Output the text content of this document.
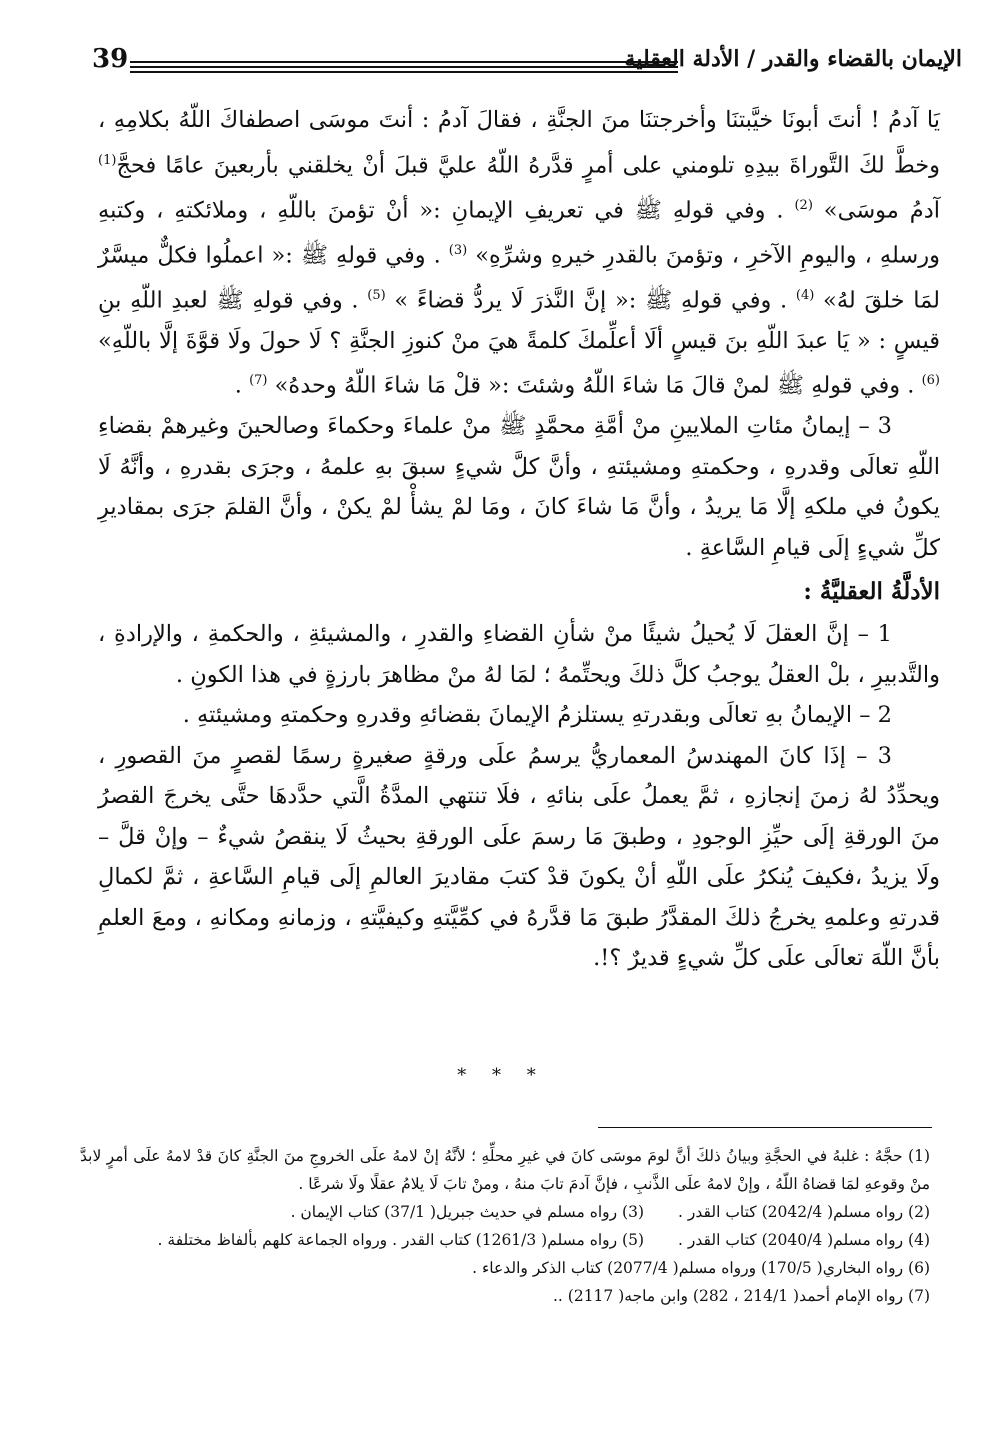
39	الإيمان بالقضاء والقدر / الأدلة العقلية

يَا آدمُ ! أنتَ أبونَا خيَّبتنَا وأخرجتنَا منَ الجنَّةِ ، فقالَ آدمُ : أنتَ موسَى اصطفاكَ اللّهُ بكلامِهِ ، وخطَّ لكَ التَّوراةَ بيدِهِ تلومني على أمرٍ قدَّرهُ اللّهُ عليَّ قبلَ أنْ يخلقني بأربعينَ عامًا فحجَّ$^{(1)}$ آدمُ موسَى» $^{(2)}$ . وفي قولهِ ﷺ في تعريفِ الإيمانِ :« أنْ تؤمنَ باللّهِ ، وملائكتهِ ، وكتبهِ ورسلهِ ، واليومِ الآخرِ ، وتؤمنَ بالقدرِ خيرهِ وشرِّهِ» $^{(3)}$ . وفي قولهِ ﷺ :« اعملُوا فكلٌّ ميسَّرٌ لمَا خلقَ لهُ» $^{(4)}$ . وفي قولهِ ﷺ :« إنَّ النَّذرَ لَا يردُّ قضاءً » $^{(5)}$ . وفي قولهِ ﷺ لعبدِ اللّهِ بنِ قيسٍ : « يَا عبدَ اللّهِ بنَ قيسٍ ألَا أعلِّمكَ كلمةً هيَ منْ كنوزِ الجنَّةِ ؟ لَا حولَ ولَا قوَّةَ إلَّا باللّهِ» $^{(6)}$ . وفي قولهِ ﷺ لمنْ قالَ مَا شاءَ اللّهُ وشئتَ :« قلْ مَا شاءَ اللّهُ وحدهُ» $^{(7)}$ .

3 – إيمانُ مئاتِ الملايينِ منْ أمَّةِ محمَّدٍ ﷺ منْ علماءَ وحكماءَ وصالحينَ وغيرهمْ بقضاءِ اللّهِ تعالَى وقدرهِ ، وحكمتهِ ومشيئتهِ ، وأنَّ كلَّ شيءٍ سبقَ بهِ علمهُ ، وجرَى بقدرهِ ، وأنَّهُ لَا يكونُ في ملكهِ إلَّا مَا يريدُ ، وأنَّ مَا شاءَ كانَ ، ومَا لمْ يشأْ لمْ يكنْ ، وأنَّ القلمَ جرَى بمقاديرِ كلِّ شيءٍ إلَى قيامِ السَّاعةِ .

الأدلَّةُ العقليَّةُ :

1 – إنَّ العقلَ لَا يُحيلُ شيئًا منْ شأنِ القضاءِ والقدرِ ، والمشيئةِ ، والحكمةِ ، والإرادةِ ، والتَّدبيرِ ، بلْ العقلُ يوجبُ كلَّ ذلكَ ويحتِّمهُ ؛ لمَا لهُ منْ مظاهرَ بارزةٍ في هذا الكونِ .

2 – الإيمانُ بهِ تعالَى وبقدرتهِ يستلزمُ الإيمانَ بقضائهِ وقدرهِ وحكمتهِ ومشيئتهِ .

3 – إذَا كانَ المهندسُ المعماريُّ يرسمُ علَى ورقةٍ صغيرةٍ رسمًا لقصرٍ منَ القصورِ ، ويحدِّدُ لهُ زمنَ إنجازهِ ، ثمَّ يعملُ علَى بنائهِ ، فلَا تنتهي المدَّةُ الَّتي حدَّدهَا حتَّى يخرجَ القصرُ منَ الورقةِ إلَى حيِّزِ الوجودِ ، وطبقَ مَا رسمَ علَى الورقةِ بحيثُ لَا ينقصُ شيءٌ – وإنْ قلَّ – ولَا يزيدُ ،فكيفَ يُنكرُ علَى اللّهِ أنْ يكونَ قدْ كتبَ مقاديرَ العالمِ إلَى قيامِ السَّاعةِ ، ثمَّ لكمالِ قدرتهِ وعلمهِ يخرجُ ذلكَ المقدَّرُ طبقَ مَا قدَّرهُ في كمِّيَّتهِ وكيفيَّتهِ ، وزمانهِ ومكانهِ ، ومعَ العلمِ بأنَّ اللّهَ تعالَى علَى كلِّ شيءٍ قديرٌ ؟!.

* * *

(1) حجَّهُ : غلبهُ في الحجَّةِ وبيانُ ذلكَ أنَّ لومَ موسَى كانَ في غيرِ محلِّهِ ؛ لأنَّهُ إنْ لامهُ علَى الخروجِ منَ الجنَّةِ كانَ قدْ لامهُ علَى أمرٍ لابدَّ منْ وقوعهِ لمَا قضاهُ اللّهُ ، وإنْ لامهُ علَى الذَّنبِ ، فإنَّ آدمَ تابَ منهُ ، ومنْ تابَ لَا يلامُ عقلًا ولَا شرعًا .

(2) رواه مسلم( 2042/4) كتاب القدر .(3) رواه مسلم في حديث جبريل( 37/1) كتاب الإيمان .

(4) رواه مسلم( 2040/4) كتاب القدر .(5) رواه مسلم( 1261/3) كتاب القدر . ورواه الجماعة كلهم بألفاظ مختلفة .

(6) رواه البخاري( 170/5) ورواه مسلم( 2077/4) كتاب الذكر والدعاء .

(7) رواه الإمام أحمد( 214/1 ، 282) وابن ماجه( 2117) ..
